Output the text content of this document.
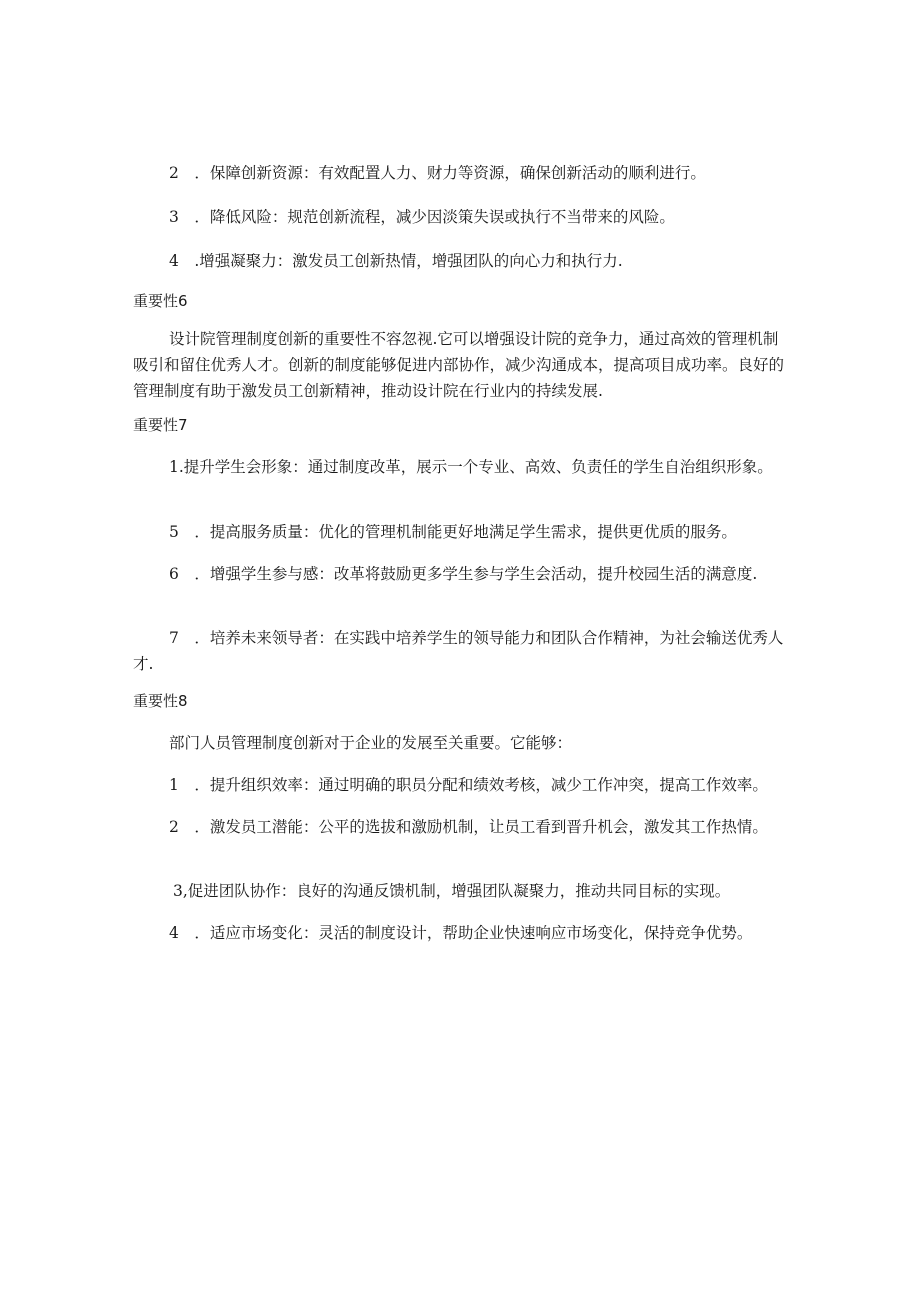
2　．保障创新资源：有效配置人力、财力等资源，确保创新活动的顺利进行。

3　．降低风险：规范创新流程，减少因淡策失误或执行不当带来的风险。

4　.增强凝聚力：激发员工创新热情，增强团队的向心力和执行力.

重要性6

设计院管理制度创新的重要性不容忽视.它可以增强设计院的竞争力，通过高效的管理机制吸引和留住优秀人才。创新的制度能够促进内部协作，减少沟通成本，提高项目成功率。良好的管理制度有助于激发员工创新精神，推动设计院在行业内的持续发展.

重要性7

1.提升学生会形象：通过制度改革，展示一个专业、高效、负责任的学生自治组织形象。

5　．提高服务质量：优化的管理机制能更好地满足学生需求，提供更优质的服务。

6　．增强学生参与感：改革将鼓励更多学生参与学生会活动，提升校园生活的满意度.

7　．培养未来领导者：在实践中培养学生的领导能力和团队合作精神，为社会输送优秀人才.

重要性8

部门人员管理制度创新对于企业的发展至关重要。它能够：

1　．提升组织效率：通过明确的职员分配和绩效考核，减少工作冲突，提高工作效率。

2　．激发员工潜能：公平的选拔和激励机制，让员工看到晋升机会，激发其工作热情。

3,促进团队协作：良好的沟通反馈机制，增强团队凝聚力，推动共同目标的实现。

4　．适应市场变化：灵活的制度设计，帮助企业快速响应市场变化，保持竞争优势。
